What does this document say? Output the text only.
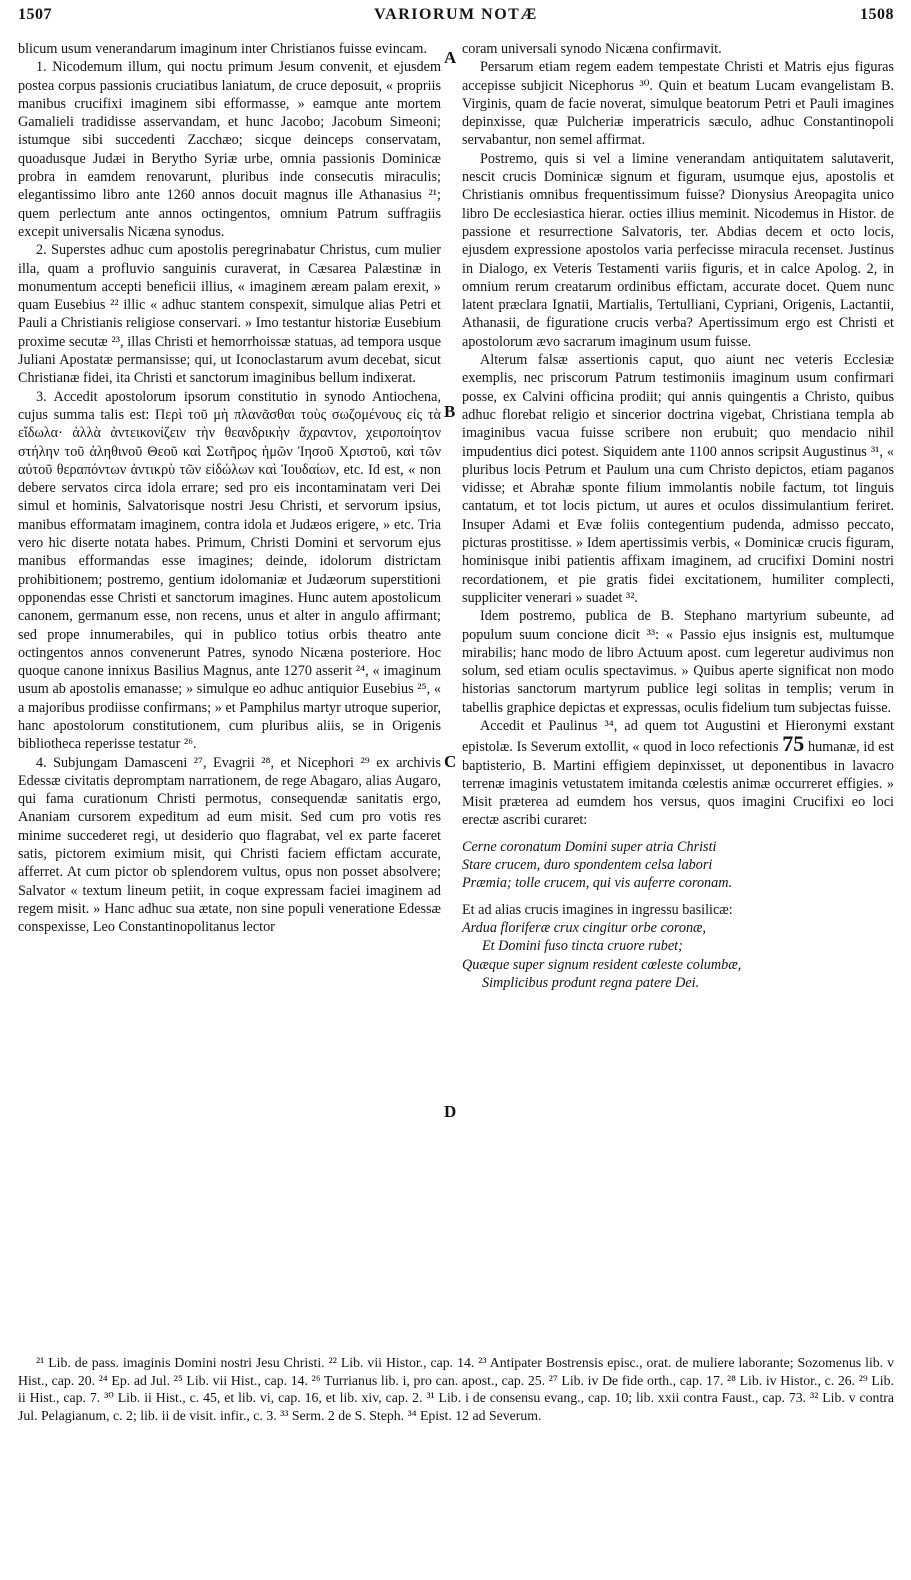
1507	VARIORUM NOTÆ	1508
A
B
C
D

blicum usum venerandarum imaginum inter Christianos fuisse evincam.

1. Nicodemum illum, qui noctu primum Jesum convenit, et ejusdem postea corpus passionis cruciatibus laniatum, de cruce deposuit, « propriis manibus crucifixi imaginem sibi efformasse, » eamque ante mortem Gamalieli tradidisse asservandam, et hunc Jacobo; Jacobum Simeoni; istumque sibi succedenti Zacchæo; sicque deinceps conservatam, quoadusque Judæi in Berytho Syriæ urbe, omnia passionis Dominicæ probra in eamdem renovarunt, pluribus inde consecutis miraculis; elegantissimo libro ante 1260 annos docuit magnus ille Athanasius ²¹; quem perlectum ante annos octingentos, omnium Patrum suffragiis excepit universalis Nicæna synodus.

2. Superstes adhuc cum apostolis peregrinabatur Christus, cum mulier illa, quam a profluvio sanguinis curaverat, in Cæsarea Palæstinæ in monumentum accepti beneficii illius, « imaginem æream palam erexit, » quam Eusebius ²² illic « adhuc stantem conspexit, simulque alias Petri et Pauli a Christianis religiose conservari. » Imo testantur historiæ Eusebium proxime secutæ ²³, illas Christi et hemorrhoissæ statuas, ad tempora usque Juliani Apostatæ permansisse; qui, ut Iconoclastarum avum decebat, sicut Christianæ fidei, ita Christi et sanctorum imaginibus bellum indixerat.

3. Accedit apostolorum ipsorum constitutio in synodo Antiochena, cujus summa talis est: Περὶ τοῦ μὴ πλανᾶσθαι τοὺς σωζομένους εἰς τὰ εἴδωλα· ἀλλὰ ἀντεικονίζειν τὴν θεανδρικὴν ἄχραντον, χειροποίητον στήλην τοῦ ἀληθινοῦ Θεοῦ καὶ Σωτῆρος ἡμῶν Ἰησοῦ Χριστοῦ, καὶ τῶν αὐτοῦ θεραπόντων ἀντικρὺ τῶν εἰδώλων καὶ Ἰουδαίων, etc. Id est, « non debere servatos circa idola errare; sed pro eis incontaminatam veri Dei simul et hominis, Salvatorisque nostri Jesu Christi, et servorum ipsius, manibus efformatam imaginem, contra idola et Judæos erigere, » etc. Tria vero hic diserte notata habes. Primum, Christi Domini et servorum ejus manibus efformandas esse imagines; deinde, idolorum districtam prohibitionem; postremo, gentium idolomaniæ et Judæorum superstitioni opponendas esse Christi et sanctorum imagines. Hunc autem apostolicum canonem, germanum esse, non recens, unus et alter in angulo affirmant; sed prope innumerabiles, qui in publico totius orbis theatro ante octingentos annos convenerunt Patres, synodo Nicæna posteriore. Hoc quoque canone innixus Basilius Magnus, ante 1270 asserit ²⁴, « imaginum usum ab apostolis emanasse; » simulque eo adhuc antiquior Eusebius ²⁵, « a majoribus prodiisse confirmans; » et Pamphilus martyr utroque superior, hanc apostolorum constitutionem, cum pluribus aliis, se in Origenis bibliotheca reperisse testatur ²⁶.

4. Subjungam Damasceni ²⁷, Evagrii ²⁸, et Nicephori ²⁹ ex archivis Edessæ civitatis depromptam narrationem, de rege Abagaro, alias Augaro, qui fama curationum Christi permotus, consequendæ sanitatis ergo, Ananiam cursorem expeditum ad eum misit. Sed cum pro votis res minime succederet regi, ut desiderio quo flagrabat, vel ex parte faceret satis, pictorem eximium misit, qui Christi faciem effictam accurate, afferret. At cum pictor ob splendorem vultus, opus non posset absolvere; Salvator « textum lineum petiit, in coque expressam faciei imaginem ad regem misit. » Hanc adhuc sua ætate, non sine populi veneratione Edessæ conspexisse, Leo Constantinopolitanus lector

coram universali synodo Nicæna confirmavit.

Persarum etiam regem eadem tempestate Christi et Matris ejus figuras accepisse subjicit Nicephorus ³⁰. Quin et beatum Lucam evangelistam B. Virginis, quam de facie noverat, simulque beatorum Petri et Pauli imagines depinxisse, quæ Pulcheriæ imperatricis sæculo, adhuc Constantinopoli servabantur, non semel affirmat.

Postremo, quis si vel a limine venerandam antiquitatem salutaverit, nescit crucis Dominicæ signum et figuram, usumque ejus, apostolis et Christianis omnibus frequentissimum fuisse? Dionysius Areopagita unico libro De ecclesiastica hierar. octies illius meminit. Nicodemus in Histor. de passione et resurrectione Salvatoris, ter. Abdias decem et octo locis, ejusdem expressione apostolos varia perfecisse miracula recenset. Justinus in Dialogo, ex Veteris Testamenti variis figuris, et in calce Apolog. 2, in omnium rerum creatarum ordinibus effictam, accurate docet. Quem nunc latent præclara Ignatii, Martialis, Tertulliani, Cypriani, Origenis, Lactantii, Athanasii, de figuratione crucis verba? Apertissimum ergo est Christi et apostolorum ævo sacrarum imaginum usum fuisse.

Alterum falsæ assertionis caput, quo aiunt nec veteris Ecclesiæ exemplis, nec priscorum Patrum testimoniis imaginum usum confirmari posse, ex Calvini officina prodiit; qui annis quingentis a Christo, quibus adhuc florebat religio et sincerior doctrina vigebat, Christiana templa ab imaginibus vacua fuisse scribere non erubuit; quo mendacio nihil impudentius dici potest. Siquidem ante 1100 annos scripsit Augustinus ³¹, « pluribus locis Petrum et Paulum una cum Christo depictos, etiam paganos vidisse; et Abrahæ sponte filium immolantis nobile factum, tot linguis cantatum, et tot locis pictum, ut aures et oculos dissimulantium feriret. Insuper Adami et Evæ foliis contegentium pudenda, admisso peccato, picturas prostitisse. » Idem apertissimis verbis, « Dominicæ crucis figuram, hominisque inibi patientis affixam imaginem, ad crucifixi Domini nostri recordationem, et pie gratis fidei excitationem, humiliter complecti, suppliciter venerari » suadet ³².

Idem postremo, publica de B. Stephano martyrium subeunte, ad populum suum concione dicit ³³: « Passio ejus insignis est, multumque mirabilis; hanc modo de libro Actuum apost. cum legeretur audivimus non solum, sed etiam oculis spectavimus. » Quibus aperte significat non modo historias sanctorum martyrum publice legi solitas in templis; verum in tabellis graphice depictas et expressas, oculis fidelium tum subjectas fuisse.

Accedit et Paulinus ³⁴, ad quem tot Augustini et Hieronymi exstant epistolæ. Is Severum extollit, « quod in loco refectionis 75 humanæ, id est baptisterio, B. Martini effigiem depinxisset, ut deponentibus in lavacro terrenæ imaginis vetustatem imitanda cœlestis animæ occurreret effigies. » Misit præterea ad eumdem hos versus, quos imagini Crucifixi eo loci erectæ ascribi curaret:

Cerne coronatum Domini super atria Christi

Stare crucem, duro spondentem celsa labori

Præmia; tolle crucem, qui vis auferre coronam.

Et ad alias crucis imagines in ingressu basilicæ:

Ardua floriferæ crux cingitur orbe coronæ,

Et Domini fuso tincta cruore rubet;

Quæque super signum resident cœleste columbæ,

Simplicibus produnt regna patere Dei.

²¹ Lib. de pass. imaginis Domini nostri Jesu Christi. ²² Lib. vii Histor., cap. 14. ²³ Antipater Bostrensis episc., orat. de muliere laborante; Sozomenus lib. v Hist., cap. 20. ²⁴ Ep. ad Jul. ²⁵ Lib. vii Hist., cap. 14. ²⁶ Turrianus lib. i, pro can. apost., cap. 25. ²⁷ Lib. iv De fide orth., cap. 17. ²⁸ Lib. iv Histor., c. 26. ²⁹ Lib. ii Hist., cap. 7. ³⁰ Lib. ii Hist., c. 45, et lib. vi, cap. 16, et lib. xiv, cap. 2. ³¹ Lib. i de consensu evang., cap. 10; lib. xxii contra Faust., cap. 73. ³² Lib. v contra Jul. Pelagianum, c. 2; lib. ii de visit. infir., c. 3. ³³ Serm. 2 de S. Steph. ³⁴ Epist. 12 ad Severum.
